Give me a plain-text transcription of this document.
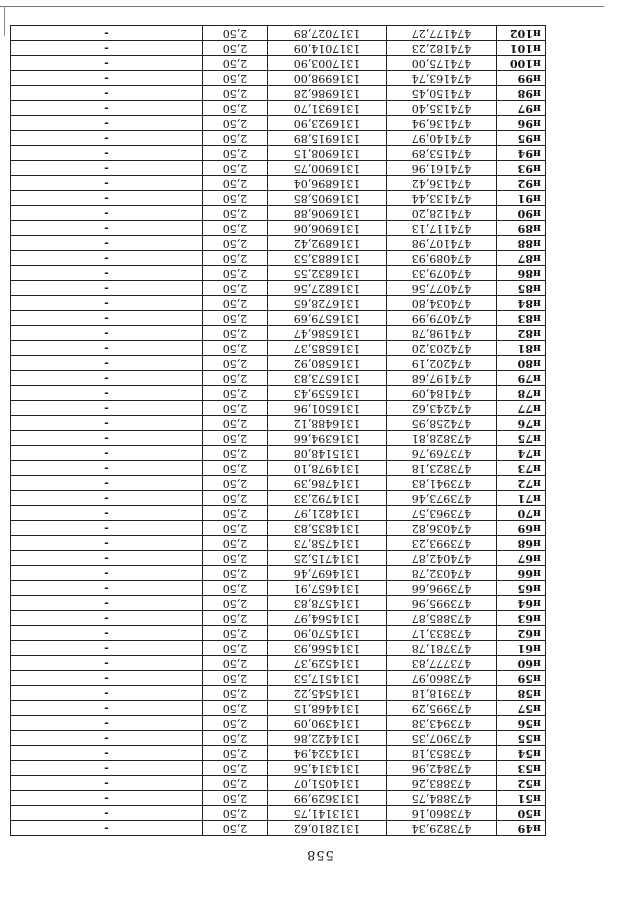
н49	473829,34	1312810,62	2,50	-
н50	473860,16	1313141,75	2,50	-
н51	473884,75	1313629,99	2,50	-
н52	473883,26	1314051,07	2,50	-
н53	473842,96	1314314,56	2,50	-
н54	473853,18	1314324,94	2,50	-
н55	473907,35	1314422,86	2,50	-
н56	473943,38	1314390,09	2,50	-
н57	473995,29	1314468,15	2,50	-
н58	473918,18	1314545,22	2,50	-
н59	473860,97	1314517,53	2,50	-
н60	473777,83	1314529,37	2,50	-
н61	473781,78	1314566,93	2,50	-
н62	473833,17	1314570,90	2,50	-
н63	473885,87	1314564,97	2,50	-
н64	473995,96	1314578,83	2,50	-
н65	473996,66	1314657,91	2,50	-
н66	474032,78	1314697,46	2,50	-
н67	474042,87	1314715,25	2,50	-
н68	473993,23	1314758,73	2,50	-
н69	474036,82	1314835,83	2,50	-
н70	473963,57	1314821,97	2,50	-
н71	473973,46	1314792,33	2,50	-
н72	473941,83	1314786,39	2,50	-
н73	473823,18	1314978,10	2,50	-
н74	473769,76	1315148,08	2,50	-
н75	473828,81	1316394,66	2,50	-
н76	474258,95	1316488,12	2,50	-
н77	474243,62	1316501,96	2,50	-
н78	474184,09	1316559,43	2,50	-
н79	474197,68	1316573,83	2,50	-
н80	474202,19	1316580,92	2,50	-
н81	474203,20	1316585,37	2,50	-
н82	474198,78	1316586,47	2,50	-
н83	474079,99	1316579,69	2,50	-
н84	474034,80	1316728,65	2,50	-
н85	474077,56	1316827,56	2,50	-
н86	474079,33	1316832,55	2,50	-
н87	474089,93	1316883,53	2,50	-
н88	474107,98	1316892,42	2,50	-
н89	474117,13	1316906,06	2,50	-
н90	474128,20	1316906,88	2,50	-
н91	474133,44	1316905,85	2,50	-
н92	474136,42	1316896,04	2,50	-
н93	474161,96	1316900,75	2,50	-
н94	474153,89	1316908,15	2,50	-
н95	474140,97	1316915,89	2,50	-
н96	474136,94	1316923,90	2,50	-
н97	474135,40	1316931,70	2,50	-
н98	474150,45	1316986,28	2,50	-
н99	474163,74	1316998,00	2,50	-
н100	474175,00	1317003,90	2,50	-
н101	474182,23	1317014,09	2,50	-
н102	474177,27	1317027,89	2,50	-
558
